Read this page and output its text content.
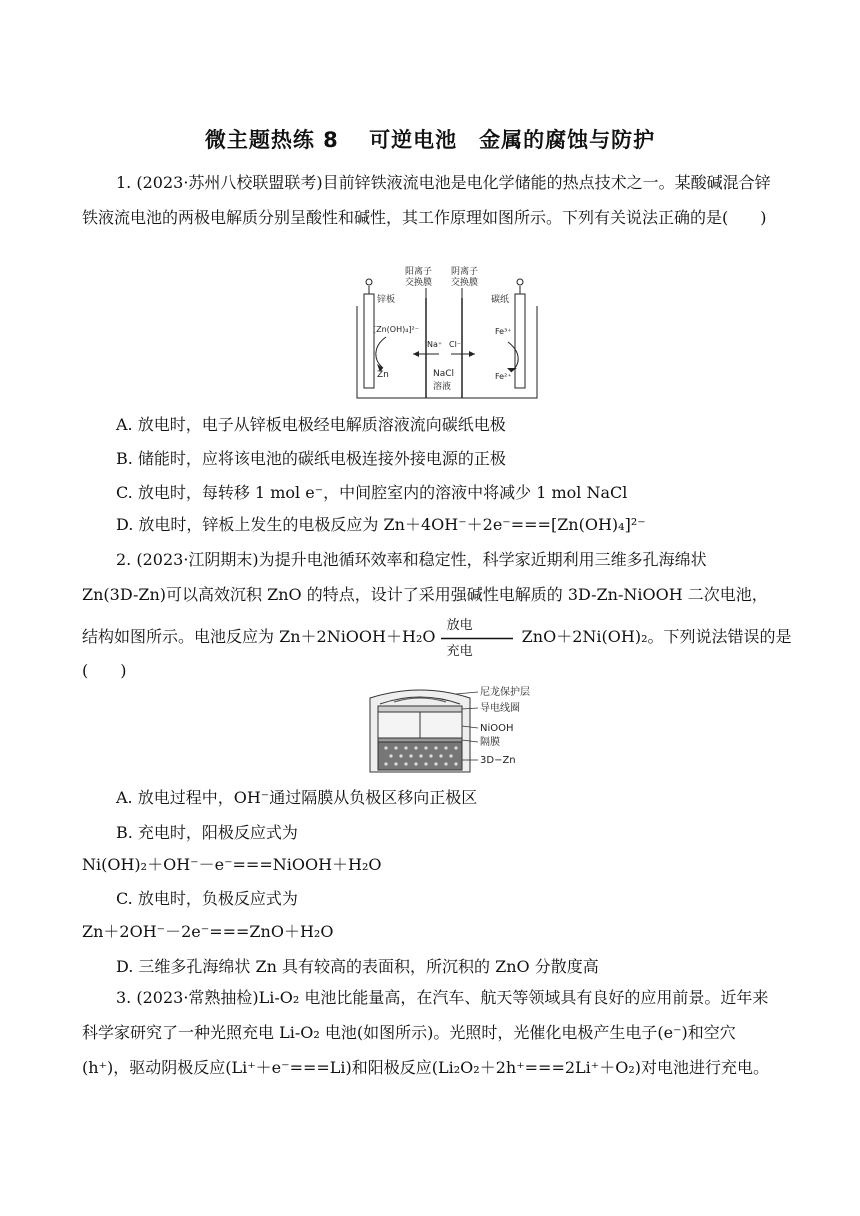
微主题热练 8　 可逆电池　金属的腐蚀与防护

1. (2023·苏州八校联盟联考)目前锌铁液流电池是电化学储能的热点技术之一。某酸碱混合锌铁液流电池的两极电解质分别呈酸性和碱性，其工作原理如图所示。下列有关说法正确的是(　　)

阳离子
交换膜
阴离子
交换膜
锌板	碳纸
[Zn(OH)₄]²⁻
Zn
Na⁺ Cl⁻
NaCl
溶液
Fe³⁺
Fe²⁺
A. 放电时，电子从锌板电极经电解质溶液流向碳纸电极
B. 储能时，应将该电池的碳纸电极连接外接电源的正极
C. 放电时，每转移 1 mol e⁻，中间腔室内的溶液中将减少 1 mol NaCl
D. 放电时，锌板上发生的电极反应为 Zn＋4OH⁻＋2e⁻===[Zn(OH)₄]²⁻
2. (2023·江阴期末)为提升电池循环效率和稳定性，科学家近期利用三维多孔海绵状
Zn(3D-Zn)可以高效沉积 ZnO 的特点，设计了采用强碱性电解质的 3D-Zn-NiOOH 二次电池，
结构如图所示。电池反应为 Zn＋2NiOOH＋H₂O
放电
充电
ZnO＋2Ni(OH)₂。下列说法错误的是
(　　)
尼龙保护层
导电线圈
NiOOH
隔膜
3D−Zn
A. 放电过程中，OH⁻通过隔膜从负极区移向正极区
B. 充电时，阳极反应式为
Ni(OH)₂＋OH⁻－e⁻===NiOOH＋H₂O
C. 放电时，负极反应式为
Zn＋2OH⁻－2e⁻===ZnO＋H₂O
D. 三维多孔海绵状 Zn 具有较高的表面积，所沉积的 ZnO 分散度高

3. (2023·常熟抽检)Li-O₂ 电池比能量高，在汽车、航天等领域具有良好的应用前景。近年来科学家研究了一种光照充电 Li-O₂ 电池(如图所示)。光照时，光催化电极产生电子(e⁻)和空穴(h⁺)，驱动阴极反应(Li⁺＋e⁻===Li)和阳极反应(Li₂O₂＋2h⁺===2Li⁺＋O₂)对电池进行充电。
